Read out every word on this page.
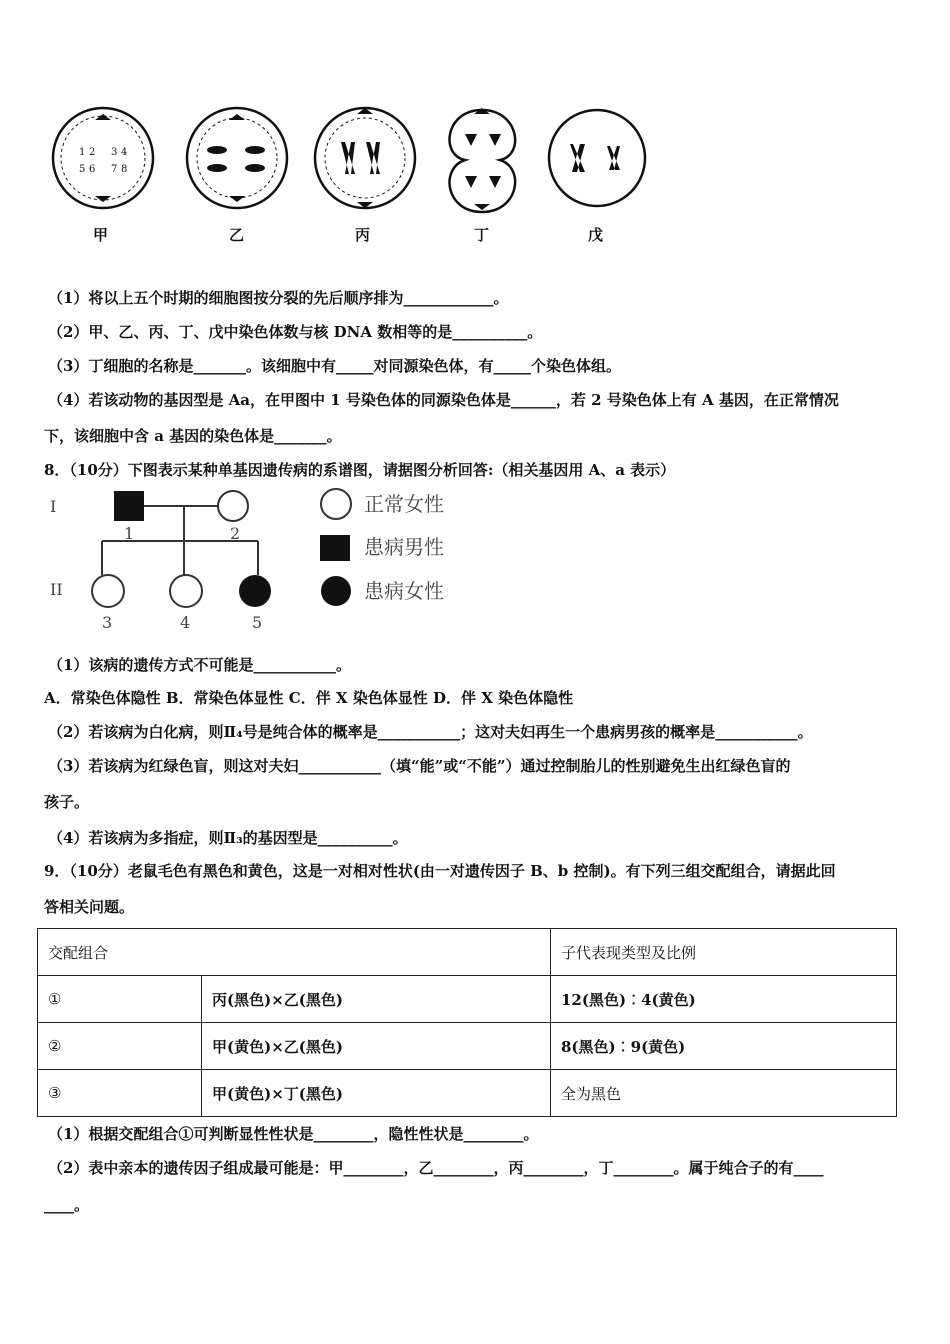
1 2 3 4
5 6 7 8
甲	乙	丙	丁	戊
（1）将以上五个时期的细胞图按分裂的先后顺序排为____________。
（2）甲、乙、丙、丁、戊中染色体数与核 DNA 数相等的是__________。
（3）丁细胞的名称是_______。该细胞中有_____对同源染色体，有_____个染色体组。
（4）若该动物的基因型是 Aa，在甲图中 1 号染色体的同源染色体是______，若 2 号染色体上有 A 基因，在正常情况
下，该细胞中含 a 基因的染色体是_______。
8．（10分）下图表示某种单基因遗传病的系谱图，请据图分析回答:（相关基因用 A、a 表示）
I
II
1	2
3	4	5
正常女性
患病男性
患病女性
（1）该病的遗传方式不可能是___________。
A．常染色体隐性 B．常染色体显性 C．伴 X 染色体显性 D．伴 X 染色体隐性
（2）若该病为白化病，则Ⅱ₄号是纯合体的概率是___________；这对夫妇再生一个患病男孩的概率是___________。
（3）若该病为红绿色盲，则这对夫妇___________（填“能”或“不能”）通过控制胎儿的性别避免生出红绿色盲的
孩子。
（4）若该病为多指症，则Ⅱ₃的基因型是__________。
9．（10分）老鼠毛色有黑色和黄色，这是一对相对性状(由一对遗传因子 B、b 控制)。有下列三组交配组合，请据此回
答相关问题。
交配组合		子代表现类型及比例
①	丙(黑色)×乙(黑色)	12(黑色)︰4(黄色)
②	甲(黄色)×乙(黑色)	8(黑色)︰9(黄色)
③	甲(黄色)×丁(黑色)	全为黑色
（1）根据交配组合①可判断显性性状是________，隐性性状是________。
（2）表中亲本的遗传因子组成最可能是：甲________，乙________，丙________，丁________。属于纯合子的有____
____。
